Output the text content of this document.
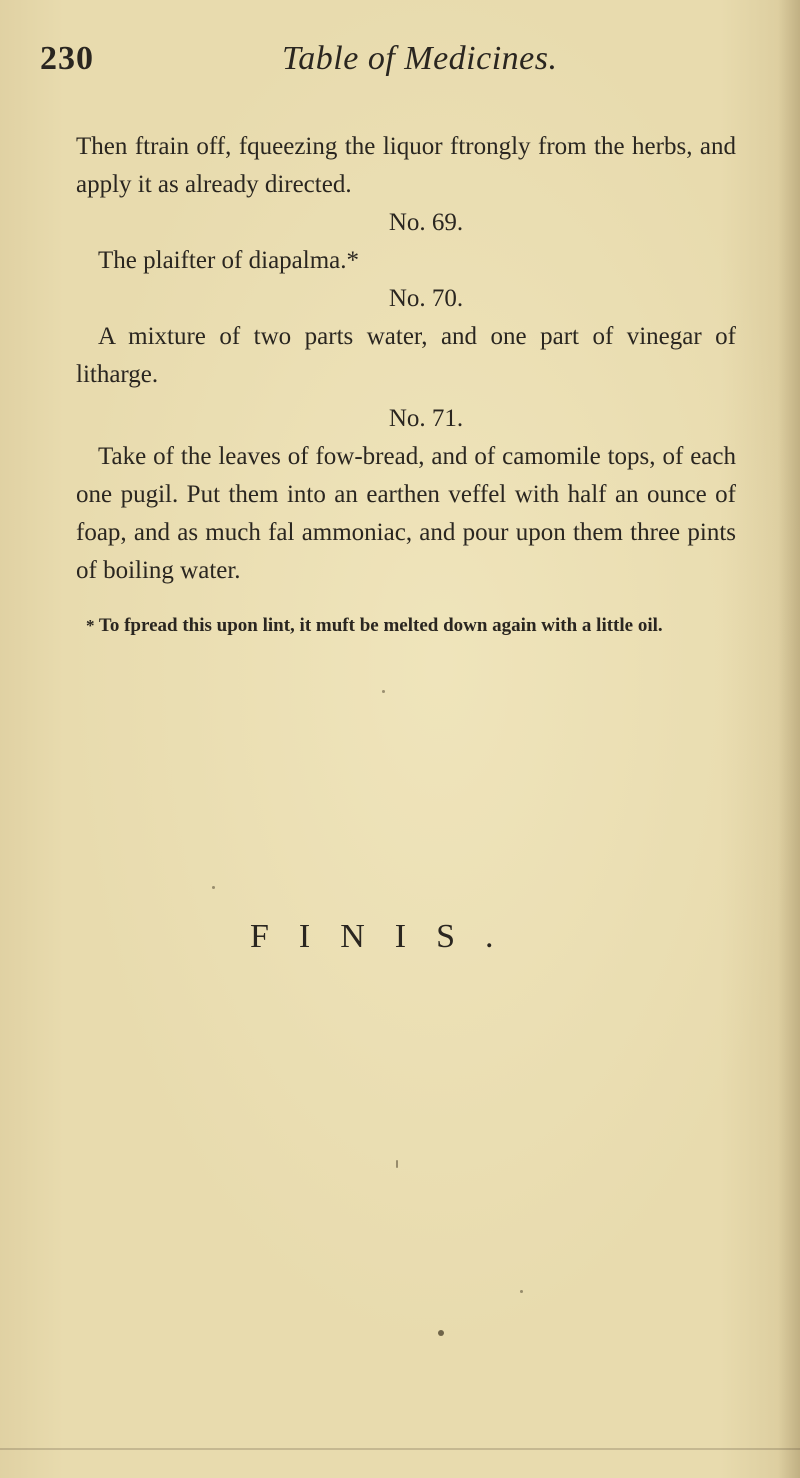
230	Table of Medicines.

Then ftrain off, fqueezing the liquor ftrongly from the herbs, and apply it as already directed.

No. 69.

The plaifter of diapalma.*

No. 70.

A mixture of two parts water, and one part of vinegar of litharge.

No. 71.

Take of the leaves of fow-bread, and of camomile tops, of each one pugil. Put them into an earthen veffel with half an ounce of foap, and as much fal ammoniac, and pour upon them three pints of boiling water.

* To fpread this upon lint, it muft be melted down again with a little oil.
FINIS.
